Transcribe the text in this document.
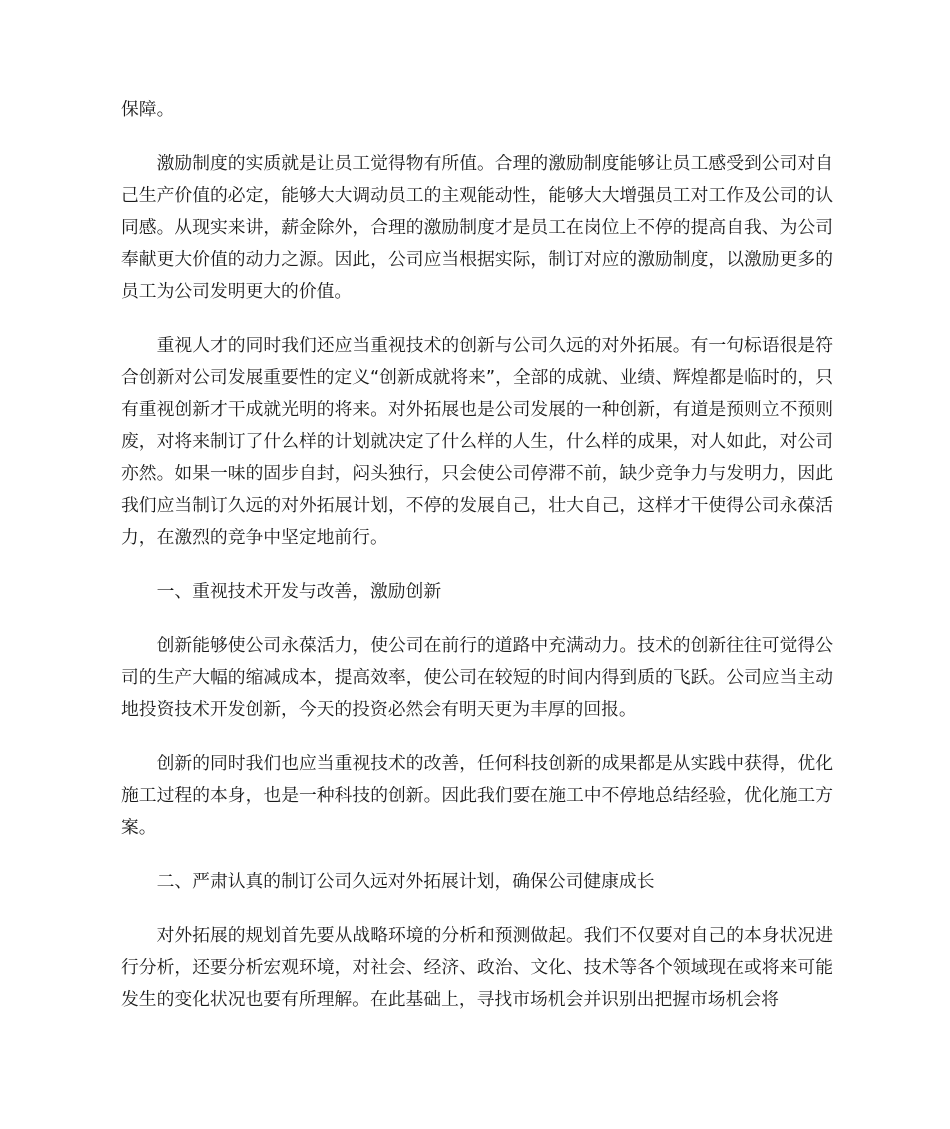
保障。

激励制度的实质就是让员工觉得物有所值。合理的激励制度能够让员工感受到公司对自己生产价值的必定，能够大大调动员工的主观能动性，能够大大增强员工对工作及公司的认同感。从现实来讲，薪金除外，合理的激励制度才是员工在岗位上不停的提高自我、为公司奉献更大价值的动力之源。因此，公司应当根据实际，制订对应的激励制度，以激励更多的员工为公司发明更大的价值。

重视人才的同时我们还应当重视技术的创新与公司久远的对外拓展。有一句标语很是符合创新对公司发展重要性的定义“创新成就将来”，全部的成就、业绩、辉煌都是临时的，只有重视创新才干成就光明的将来。对外拓展也是公司发展的一种创新，有道是预则立不预则废，对将来制订了什么样的计划就决定了什么样的人生，什么样的成果，对人如此，对公司亦然。如果一味的固步自封，闷头独行，只会使公司停滞不前，缺少竞争力与发明力，因此我们应当制订久远的对外拓展计划，不停的发展自己，壮大自己，这样才干使得公司永葆活力，在激烈的竞争中坚定地前行。

一、重视技术开发与改善，激励创新

创新能够使公司永葆活力，使公司在前行的道路中充满动力。技术的创新往往可觉得公司的生产大幅的缩减成本，提高效率，使公司在较短的时间内得到质的飞跃。公司应当主动地投资技术开发创新，今天的投资必然会有明天更为丰厚的回报。

创新的同时我们也应当重视技术的改善，任何科技创新的成果都是从实践中获得，优化施工过程的本身，也是一种科技的创新。因此我们要在施工中不停地总结经验，优化施工方案。

二、严肃认真的制订公司久远对外拓展计划，确保公司健康成长

对外拓展的规划首先要从战略环境的分析和预测做起。我们不仅要对自己的本身状况进行分析，还要分析宏观环境，对社会、经济、政治、文化、技术等各个领域现在或将来可能发生的变化状况也要有所理解。在此基础上，寻找市场机会并识别出把握市场机会将
